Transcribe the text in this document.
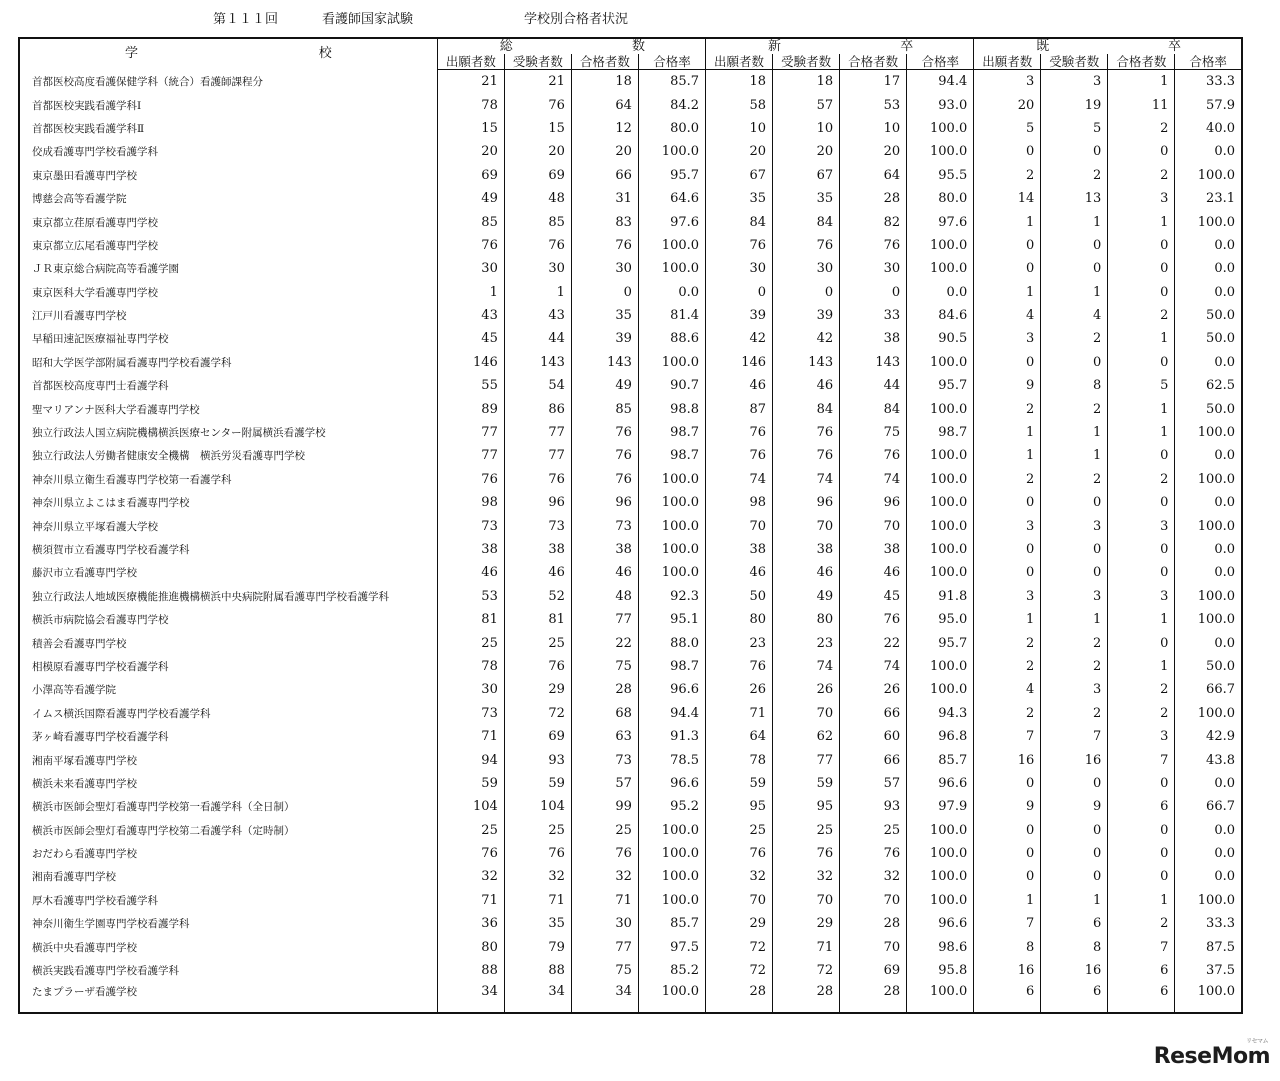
第１１１回	看護師国家試験	学校別合格者状況
学 校	総 数				新 卒				既 卒			

	出願者数	受験者数	合格者数	合格率	出願者数	受験者数	合格者数	合格率	出願者数	受験者数	合格者数	合格率
首都医校高度看護保健学科（統合）看護師課程分	21	21	18	85.7	18	18	17	94.4	3	3	1	33.3
首都医校実践看護学科Ⅰ	78	76	64	84.2	58	57	53	93.0	20	19	11	57.9
首都医校実践看護学科Ⅱ	15	15	12	80.0	10	10	10	100.0	5	5	2	40.0
佼成看護専門学校看護学科	20	20	20	100.0	20	20	20	100.0	0	0	0	0.0
東京墨田看護専門学校	69	69	66	95.7	67	67	64	95.5	2	2	2	100.0
博慈会高等看護学院	49	48	31	64.6	35	35	28	80.0	14	13	3	23.1
東京都立荏原看護専門学校	85	85	83	97.6	84	84	82	97.6	1	1	1	100.0
東京都立広尾看護専門学校	76	76	76	100.0	76	76	76	100.0	0	0	0	0.0
ＪＲ東京総合病院高等看護学園	30	30	30	100.0	30	30	30	100.0	0	0	0	0.0
東京医科大学看護専門学校	1	1	0	0.0	0	0	0	0.0	1	1	0	0.0
江戸川看護専門学校	43	43	35	81.4	39	39	33	84.6	4	4	2	50.0
早稲田速記医療福祉専門学校	45	44	39	88.6	42	42	38	90.5	3	2	1	50.0
昭和大学医学部附属看護専門学校看護学科	146	143	143	100.0	146	143	143	100.0	0	0	0	0.0
首都医校高度専門士看護学科	55	54	49	90.7	46	46	44	95.7	9	8	5	62.5
聖マリアンナ医科大学看護専門学校	89	86	85	98.8	87	84	84	100.0	2	2	1	50.0
独立行政法人国立病院機構横浜医療センター附属横浜看護学校	77	77	76	98.7	76	76	75	98.7	1	1	1	100.0
独立行政法人労働者健康安全機構　横浜労災看護専門学校	77	77	76	98.7	76	76	76	100.0	1	1	0	0.0
神奈川県立衛生看護専門学校第一看護学科	76	76	76	100.0	74	74	74	100.0	2	2	2	100.0
神奈川県立よこはま看護専門学校	98	96	96	100.0	98	96	96	100.0	0	0	0	0.0
神奈川県立平塚看護大学校	73	73	73	100.0	70	70	70	100.0	3	3	3	100.0
横須賀市立看護専門学校看護学科	38	38	38	100.0	38	38	38	100.0	0	0	0	0.0
藤沢市立看護専門学校	46	46	46	100.0	46	46	46	100.0	0	0	0	0.0
独立行政法人地域医療機能推進機構横浜中央病院附属看護専門学校看護学科	53	52	48	92.3	50	49	45	91.8	3	3	3	100.0
横浜市病院協会看護専門学校	81	81	77	95.1	80	80	76	95.0	1	1	1	100.0
積善会看護専門学校	25	25	22	88.0	23	23	22	95.7	2	2	0	0.0
相模原看護専門学校看護学科	78	76	75	98.7	76	74	74	100.0	2	2	1	50.0
小澤高等看護学院	30	29	28	96.6	26	26	26	100.0	4	3	2	66.7
イムス横浜国際看護専門学校看護学科	73	72	68	94.4	71	70	66	94.3	2	2	2	100.0
茅ヶ崎看護専門学校看護学科	71	69	63	91.3	64	62	60	96.8	7	7	3	42.9
湘南平塚看護専門学校	94	93	73	78.5	78	77	66	85.7	16	16	7	43.8
横浜未来看護専門学校	59	59	57	96.6	59	59	57	96.6	0	0	0	0.0
横浜市医師会聖灯看護専門学校第一看護学科（全日制）	104	104	99	95.2	95	95	93	97.9	9	9	6	66.7
横浜市医師会聖灯看護専門学校第二看護学科（定時制）	25	25	25	100.0	25	25	25	100.0	0	0	0	0.0
おだわら看護専門学校	76	76	76	100.0	76	76	76	100.0	0	0	0	0.0
湘南看護専門学校	32	32	32	100.0	32	32	32	100.0	0	0	0	0.0
厚木看護専門学校看護学科	71	71	71	100.0	70	70	70	100.0	1	1	1	100.0
神奈川衛生学園専門学校看護学科	36	35	30	85.7	29	29	28	96.6	7	6	2	33.3
横浜中央看護専門学校	80	79	77	97.5	72	71	70	98.6	8	8	7	87.5
横浜実践看護専門学校看護学科	88	88	75	85.2	72	72	69	95.8	16	16	6	37.5
たまプラーザ看護学校	34	34	34	100.0	28	28	28	100.0	6	6	6	100.0
リセマム
ReseMom
